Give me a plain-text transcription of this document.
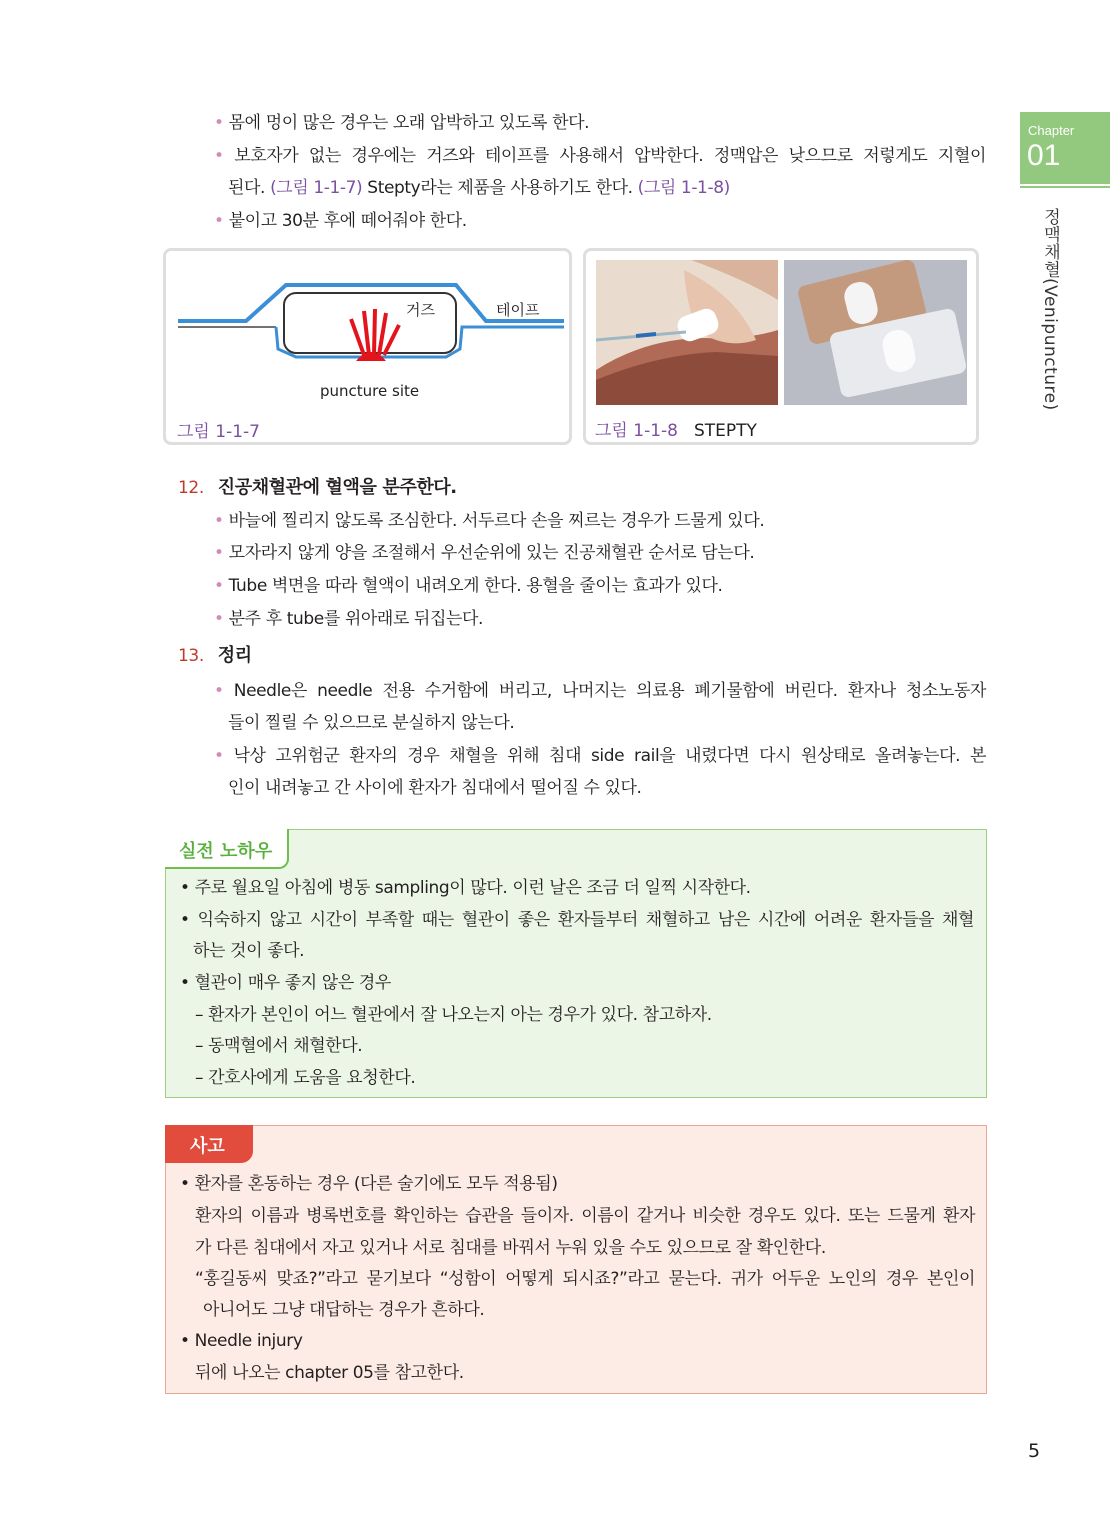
Chapter
01
정맥채혈(Venipuncture)
• 몸에 멍이 많은 경우는 오래 압박하고 있도록 한다.
• 보호자가 없는 경우에는 거즈와 테이프를 사용해서 압박한다. 정맥압은 낮으므로 저렇게도 지혈이
된다. (그림 1-1-7) Stepty라는 제품을 사용하기도 한다. (그림 1-1-8)
• 붙이고 30분 후에 떼어줘야 한다.
거즈	테이프
puncture site
그림 1-1-7	그림 1-1-8 STEPTY
12. 진공채혈관에 혈액을 분주한다.
• 바늘에 찔리지 않도록 조심한다. 서두르다 손을 찌르는 경우가 드물게 있다.
• 모자라지 않게 양을 조절해서 우선순위에 있는 진공채혈관 순서로 담는다.
• Tube 벽면을 따라 혈액이 내려오게 한다. 용혈을 줄이는 효과가 있다.
• 분주 후 tube를 위아래로 뒤집는다.
13. 정리
• Needle은 needle 전용 수거함에 버리고, 나머지는 의료용 폐기물함에 버린다. 환자나 청소노동자
들이 찔릴 수 있으므로 분실하지 않는다.
• 낙상 고위험군 환자의 경우 채혈을 위해 침대 side rail을 내렸다면 다시 원상태로 올려놓는다. 본
인이 내려놓고 간 사이에 환자가 침대에서 떨어질 수 있다.
실전 노하우
• 주로 월요일 아침에 병동 sampling이 많다. 이런 날은 조금 더 일찍 시작한다.
• 익숙하지 않고 시간이 부족할 때는 혈관이 좋은 환자들부터 채혈하고 남은 시간에 어려운 환자들을 채혈
하는 것이 좋다.
• 혈관이 매우 좋지 않은 경우
– 환자가 본인이 어느 혈관에서 잘 나오는지 아는 경우가 있다. 참고하자.
– 동맥혈에서 채혈한다.
– 간호사에게 도움을 요청한다.
사고
• 환자를 혼동하는 경우 (다른 술기에도 모두 적용됨)
환자의 이름과 병록번호를 확인하는 습관을 들이자. 이름이 같거나 비슷한 경우도 있다. 또는 드물게 환자
가 다른 침대에서 자고 있거나 서로 침대를 바꿔서 누워 있을 수도 있으므로 잘 확인한다.
“홍길동씨 맞죠?”라고 묻기보다 “성함이 어떻게 되시죠?”라고 묻는다. 귀가 어두운 노인의 경우 본인이
아니어도 그냥 대답하는 경우가 흔하다.
• Needle injury
뒤에 나오는 chapter 05를 참고한다.
5
